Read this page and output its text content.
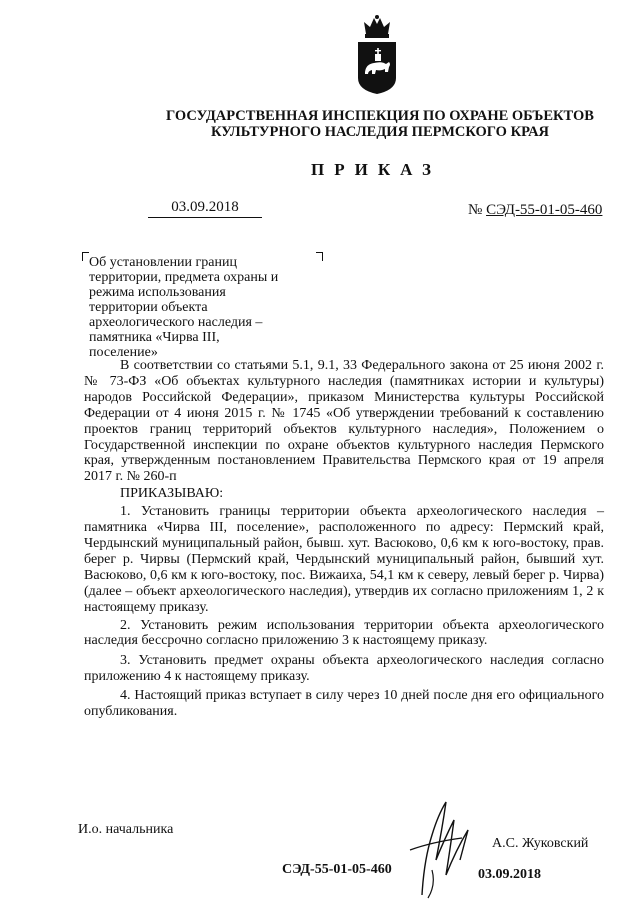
ГОСУДАРСТВЕННАЯ ИНСПЕКЦИЯ ПО ОХРАНЕ ОБЪЕКТОВ
КУЛЬТУРНОГО НАСЛЕДИЯ ПЕРМСКОГО КРАЯ
ПРИКАЗ
03.09.2018	№ СЭД-55-01-05-460
Об установлении границ
территории, предмета охраны и
режима использования
территории объекта
археологического наследия –
памятника «Чирва III,
поселение»

В соответствии со статьями 5.1, 9.1, 33 Федерального закона от 25 июня 2002 г. № 73-ФЗ «Об объектах культурного наследия (памятниках истории и культуры) народов Российской Федерации», приказом Министерства культуры Российской Федерации от 4 июня 2015 г. № 1745 «Об утверждении требований к составлению проектов границ территорий объектов культурного наследия», Положением о Государственной инспекции по охране объектов культурного наследия Пермского края, утвержденным постановлением Правительства Пермского края от 19 апреля 2017 г. № 260-п

ПРИКАЗЫВАЮ:

1. Установить границы территории объекта археологического наследия – памятника «Чирва III, поселение», расположенного по адресу: Пермский край, Чердынский муниципальный район, бывш. хут. Васюково, 0,6 км к юго-востоку, прав. берег р. Чирвы (Пермский край, Чердынский муниципальный район, бывший хут. Васюково, 0,6 км к юго-востоку, пос. Вижаиха, 54,1 км к северу, левый берег р. Чирва) (далее – объект археологического наследия), утвердив их согласно приложениям 1, 2 к настоящему приказу.

2. Установить режим использования территории объекта археологического наследия бессрочно согласно приложению 3 к настоящему приказу.

3. Установить предмет охраны объекта археологического наследия согласно приложению 4 к настоящему приказу.

4. Настоящий приказ вступает в силу через 10 дней после дня его официального опубликования.

И.о. начальника
А.С. Жуковский
СЭД-55-01-05-460	03.09.2018
